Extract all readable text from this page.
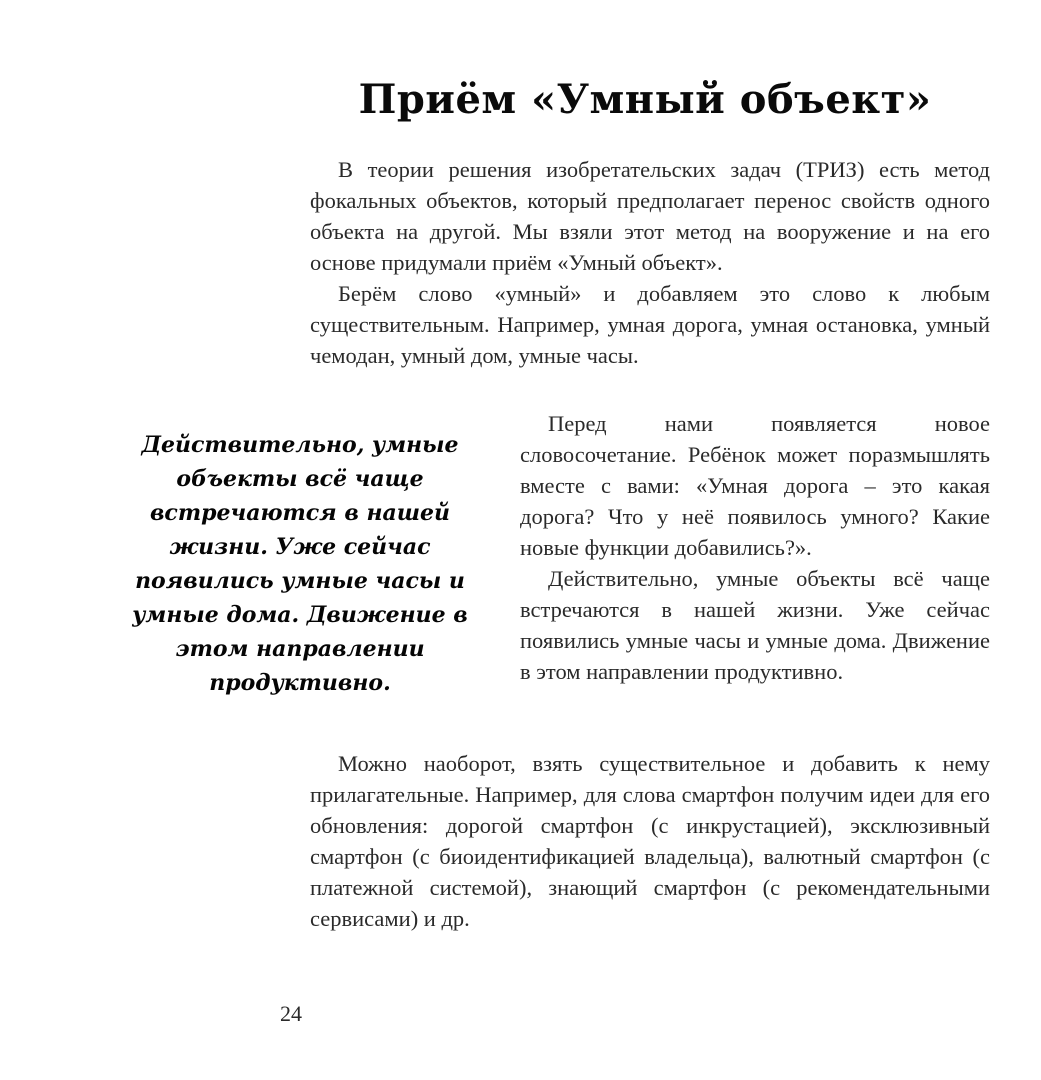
Приём «Умный объект»

В теории решения изобретательских задач (ТРИЗ) есть метод фокальных объектов, который предполагает перенос свойств одного объекта на другой. Мы взяли этот метод на вооружение и на его основе придумали приём «Умный объект».

Берём слово «умный» и добавляем это слово к любым существительным. Например, умная дорога, умная остановка, умный чемодан, умный дом, умные часы.

Действительно, умные объекты всё чаще встречаются в нашей жизни. Уже сейчас появились умные часы и умные дома. Движение в этом направлении продуктивно.

Перед нами появляется новое словосочетание. Ребёнок может поразмышлять вместе с вами: «Умная дорога – это какая дорога? Что у неё появилось умного? Какие новые функции добавились?».

Действительно, умные объекты всё чаще встречаются в нашей жизни. Уже сейчас появились умные часы и умные дома. Движение в этом направлении продуктивно.

Можно наоборот, взять существительное и добавить к нему прилагательные. Например, для слова смартфон получим идеи для его обновления: дорогой смартфон (с инкрустацией), эксклюзивный смартфон (с биоидентификацией владельца), валютный смартфон (с платежной системой), знающий смартфон (с рекомендательными сервисами) и др.

24
